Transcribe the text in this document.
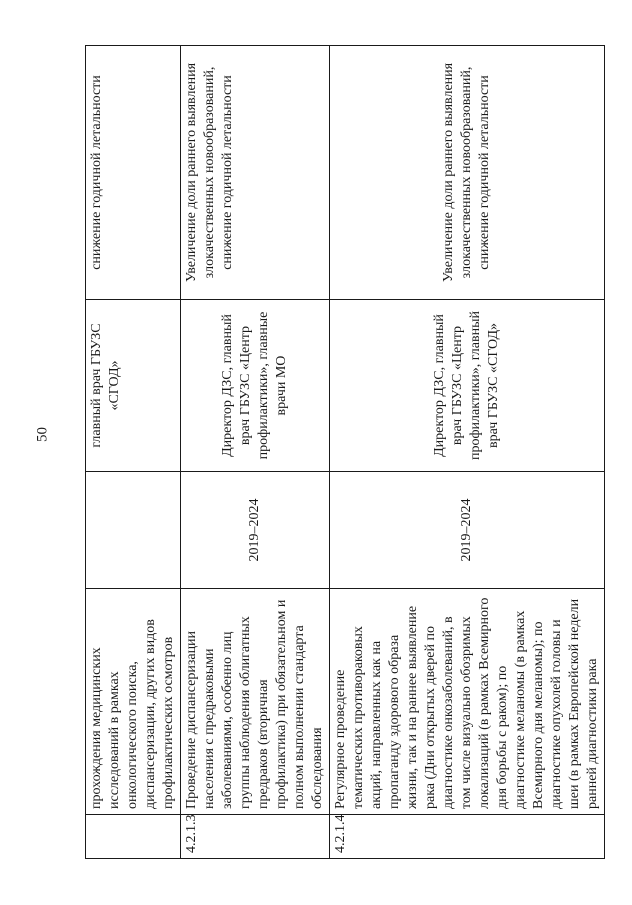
50
	прохождения медицинских исследований в рамках онкологического поиска, диспансеризации, других видов профилактических осмотров		главный врач ГБУЗС «СГОД»	снижение годичной летальности
4.2.1.3	Проведение диспансеризации населения с предраковыми заболеваниями, особенно лиц группы наблюдения облигатных предраков (вторичная профилактика) при обязательном и полном выполнении стандарта обследования	2019–2024	Директор ДЗС, главный врач ГБУЗС «Центр профилактики», главные врачи МО	Увеличение доли раннего выявления злокачественных новообразований, снижение годичной летальности
4.2.1.4	Регулярное проведение тематических противораковых акций, направленных как на пропаганду здорового образа жизни, так и на раннее выявление рака (Дни открытых дверей по диагностике онкозаболеваний, в том числе визуально обозримых локализаций (в рамках Всемирного дня борьбы с раком); по диагностике меланомы (в рамках Всемирного дня меланомы); по диагностике опухолей головы и шеи (в рамках Европейской недели ранней диагностики рака	2019–2024	Директор ДЗС, главный врач ГБУЗС «Центр профилактики», главный врач ГБУЗС «СГОД»	Увеличение доли раннего выявления злокачественных новообразований, снижение годичной летальности
